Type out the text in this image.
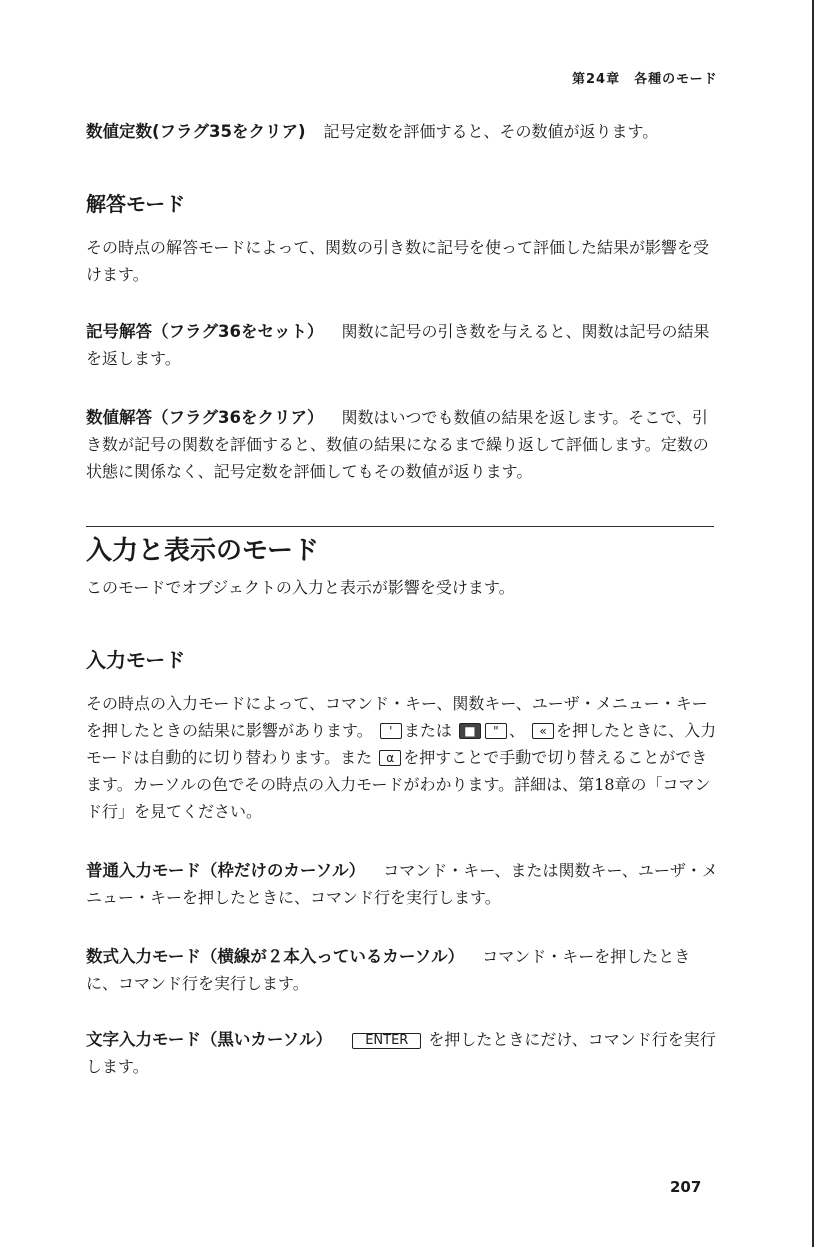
第24章　各種のモード
数値定数(フラグ35をクリア) 記号定数を評価すると、その数値が返ります。
解答モード
その時点の解答モードによって、関数の引き数に記号を使って評価した結果が影響を受けます。
記号解答（フラグ36をセット） 関数に記号の引き数を与えると、関数は記号の結果を返します。
数値解答（フラグ36をクリア） 関数はいつでも数値の結果を返します。そこで、引き数が記号の関数を評価すると、数値の結果になるまで繰り返して評価します。定数の状態に関係なく、記号定数を評価してもその数値が返ります。
入力と表示のモード
このモードでオブジェクトの入力と表示が影響を受けます。
入力モード
その時点の入力モードによって、コマンド・キー、関数キー、ユーザ・メニュー・キーを押したときの結果に影響があります。 ' または ■ " 、 « を押したときに、入力モードは自動的に切り替わります。また α を押すことで手動で切り替えることができます。カーソルの色でその時点の入力モードがわかります。詳細は、第18章の「コマンド行」を見てください。
普通入力モード（枠だけのカーソル） コマンド・キー、または関数キー、ユーザ・メニュー・キーを押したときに、コマンド行を実行します。
数式入力モード（横線が２本入っているカーソル） コマンド・キーを押したときに、コマンド行を実行します。
文字入力モード（黒いカーソル）	ENTER を押したときにだけ、コマンド行を実行します。
207
